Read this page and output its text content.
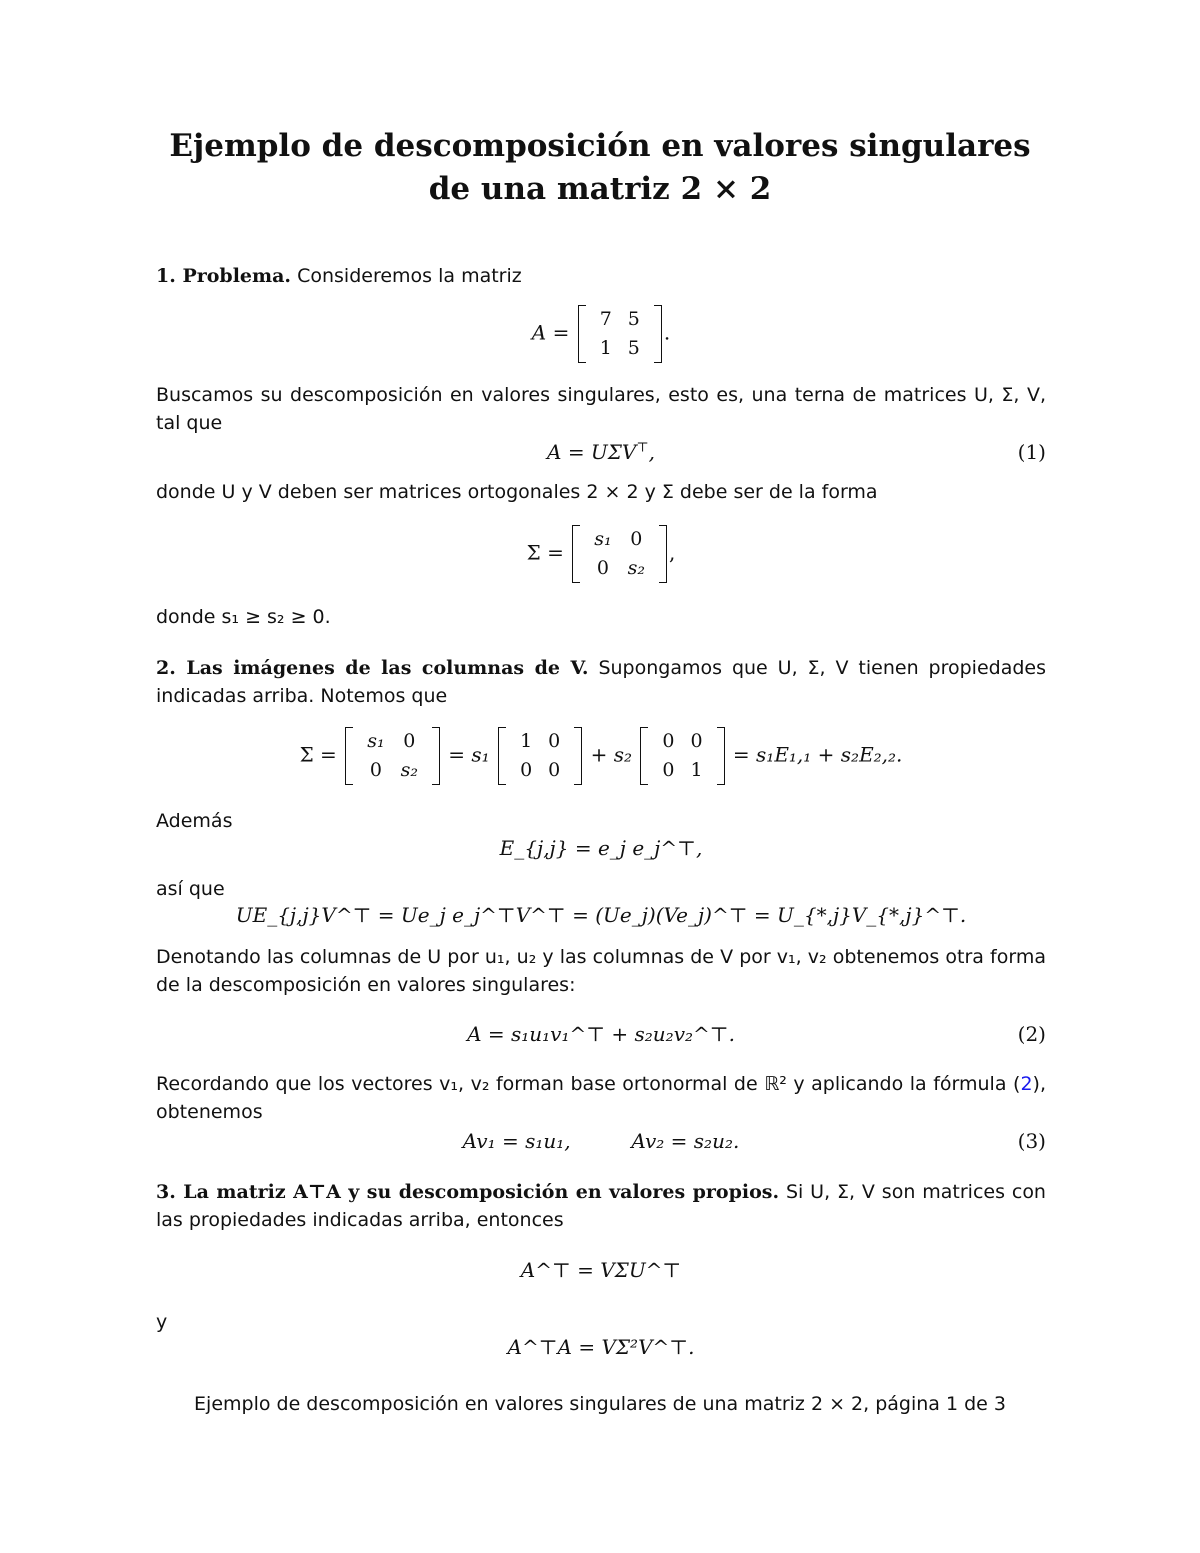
Ejemplo de descomposición en valores singulares
de una matriz 2 × 2
1. Problema. Consideremos la matriz
A =
7	5
1	5
.
Buscamos su descomposición en valores singulares, esto es, una terna de matrices U, Σ, V, tal que
A = UΣV⊤,	(1)
donde U y V deben ser matrices ortogonales 2 × 2 y Σ debe ser de la forma
Σ =
s₁	0
0	s₂
,
donde s₁ ≥ s₂ ≥ 0.
2. Las imágenes de las columnas de V. Supongamos que U, Σ, V tienen propiedades indicadas arriba. Notemos que
Σ =
s₁	0
0	s₂
= s₁
1	0
0	0
+ s₂
0	0
0	1
= s₁E₁,₁ + s₂E₂,₂.
Además
E_{j,j} = e_j e_j^⊤,
así que
UE_{j,j}V^⊤ = Ue_j e_j^⊤V^⊤ = (Ue_j)(Ve_j)^⊤ = U_{*,j}V_{*,j}^⊤.
Denotando las columnas de U por u₁, u₂ y las columnas de V por v₁, v₂ obtenemos otra forma de la descomposición en valores singulares:
A = s₁u₁v₁^⊤ + s₂u₂v₂^⊤.	(2)
Recordando que los vectores v₁, v₂ forman base ortonormal de ℝ² y aplicando la fórmula (2), obtenemos
Av₁ = s₁u₁,	Av₂ = s₂u₂.	(3)
3. La matriz A⊤A y su descomposición en valores propios. Si U, Σ, V son matrices con las propiedades indicadas arriba, entonces
A^⊤ = VΣU^⊤
y
A^⊤A = VΣ²V^⊤.
Ejemplo de descomposición en valores singulares de una matriz 2 × 2, página 1 de 3
